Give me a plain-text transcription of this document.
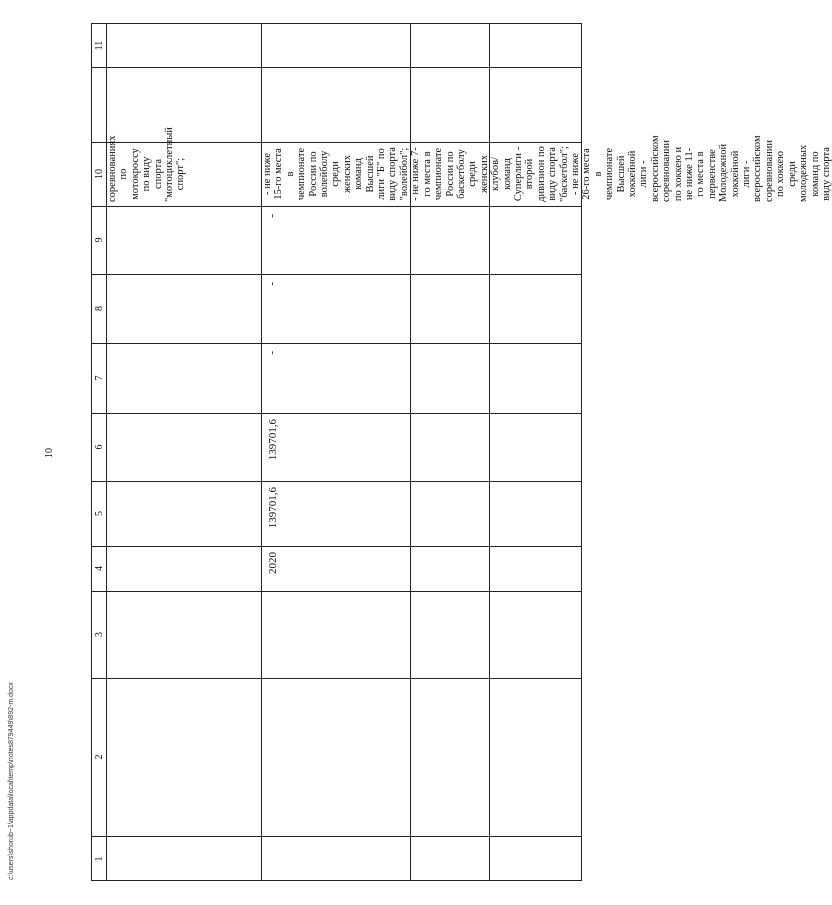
10
c:\users\shorub~1\appdata\local\temp\notes879449\892-m.docx
11
10
9
8
7
6
5
4
3
2
1
соревнованиях по мотокроссу по виду спорта "мотоциклетный спорт";	- не ниже 15-го места в чемпионате России по волейболу среди женских команд Высшей лиги "Б" по виду спорта "волейбол"; - не ниже 7-го места в чемпионате России по баскетболу среди женских клубов/команд Суперлиги - второй дивизион по виду спорта "баскетбол"; - не ниже 26-го места в чемпионате Высшей хоккейной лиги - всероссийском соревновании по хоккею и не ниже 11-го места в первенстве Молодежной хоккейной лиги - всероссийском соревновании по хоккею среди молодежных команд по виду спорта
-
-
-
139701,6
139701,6
2020
